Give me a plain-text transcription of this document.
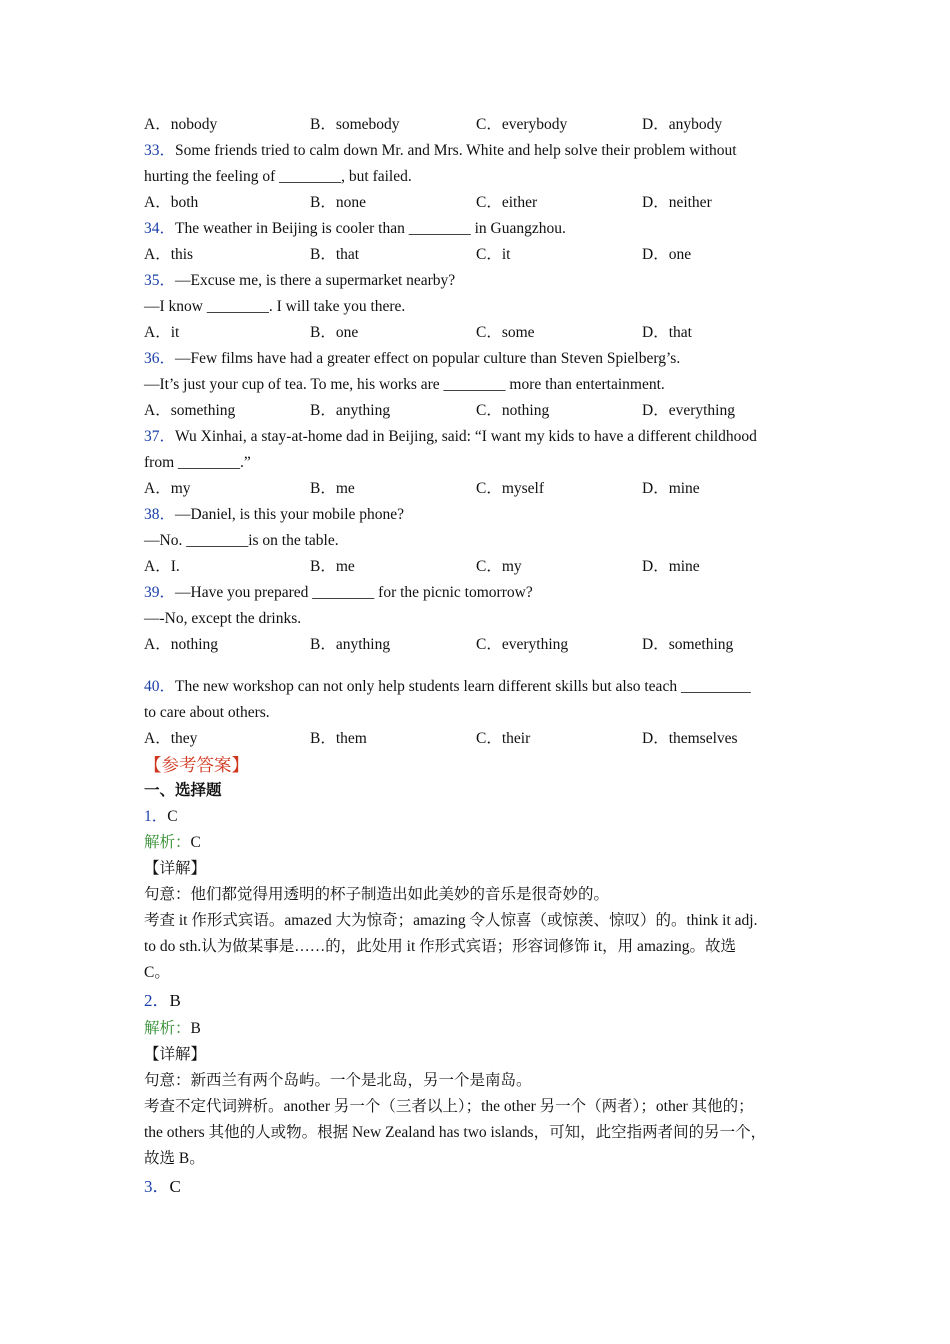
A．nobody	B．somebody	C．everybody	D．anybody
33．Some friends tried to calm down Mr. and Mrs. White and help solve their problem without
hurting the feeling of ________, but failed.
A．both	B．none	C．either	D．neither
34．The weather in Beijing is cooler than ________ in Guangzhou.
A．this	B．that	C．it	D．one
35．—Excuse me, is there a supermarket nearby?
—I know ________. I will take you there.
A．it	B．one	C．some	D．that
36．—Few films have had a greater effect on popular culture than Steven Spielberg’s.
—It’s just your cup of tea. To me, his works are ________ more than entertainment.
A．something	B．anything	C．nothing	D．everything
37．Wu Xinhai, a stay-at-home dad in Beijing, said: “I want my kids to have a different childhood
from ________.”
A．my	B．me	C．myself	D．mine
38．—Daniel, is this your mobile phone?
—No. ________is on the table.
A．I.	B．me	C．my	D．mine
39．—Have you prepared ________ for the picnic tomorrow?
—-No, except the drinks.
A．nothing	B．anything	C．everything	D．something
40．The new workshop can not only help students learn different skills but also teach _________
to care about others.
A．they	B．them	C．their	D．themselves
【参考答案】
一、选择题
1．C
解析：C
【详解】
句意：他们都觉得用透明的杯子制造出如此美妙的音乐是很奇妙的。
考查 it 作形式宾语。amazed 大为惊奇；amazing 令人惊喜（或惊羡、惊叹）的。think it adj.
to do sth.认为做某事是……的，此处用 it 作形式宾语；形容词修饰 it，用 amazing。故选
C。
2．B
解析：B
【详解】
句意：新西兰有两个岛屿。一个是北岛，另一个是南岛。
考查不定代词辨析。another 另一个（三者以上）；the other 另一个（两者）；other 其他的；
the others 其他的人或物。根据 New Zealand has two islands，可知，此空指两者间的另一个，
故选 B。
3．C
